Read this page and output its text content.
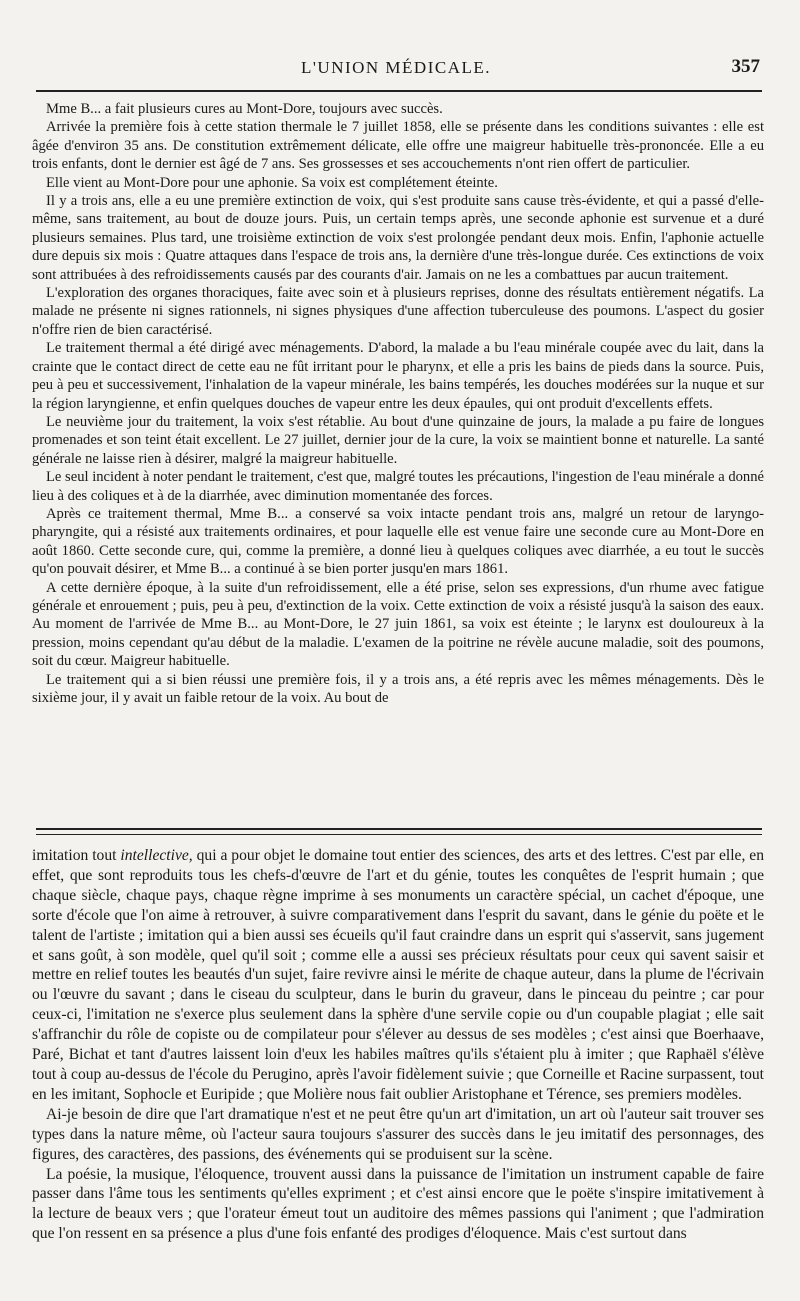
L'UNION MÉDICALE.	357

Mme B... a fait plusieurs cures au Mont-Dore, toujours avec succès.

Arrivée la première fois à cette station thermale le 7 juillet 1858, elle se présente dans les conditions suivantes : elle est âgée d'environ 35 ans. De constitution extrêmement délicate, elle offre une maigreur habituelle très-prononcée. Elle a eu trois enfants, dont le dernier est âgé de 7 ans. Ses grossesses et ses accouchements n'ont rien offert de particulier.

Elle vient au Mont-Dore pour une aphonie. Sa voix est complétement éteinte.

Il y a trois ans, elle a eu une première extinction de voix, qui s'est produite sans cause très-évidente, et qui a passé d'elle-même, sans traitement, au bout de douze jours. Puis, un certain temps après, une seconde aphonie est survenue et a duré plusieurs semaines. Plus tard, une troisième extinction de voix s'est prolongée pendant deux mois. Enfin, l'aphonie actuelle dure depuis six mois : Quatre attaques dans l'espace de trois ans, la dernière d'une très-longue durée. Ces extinctions de voix sont attribuées à des refroidissements causés par des courants d'air. Jamais on ne les a combattues par aucun traitement.

L'exploration des organes thoraciques, faite avec soin et à plusieurs reprises, donne des résultats entièrement négatifs. La malade ne présente ni signes rationnels, ni signes physiques d'une affection tuberculeuse des poumons. L'aspect du gosier n'offre rien de bien caractérisé.

Le traitement thermal a été dirigé avec ménagements. D'abord, la malade a bu l'eau minérale coupée avec du lait, dans la crainte que le contact direct de cette eau ne fût irritant pour le pharynx, et elle a pris les bains de pieds dans la source. Puis, peu à peu et successivement, l'inhalation de la vapeur minérale, les bains tempérés, les douches modérées sur la nuque et sur la région laryngienne, et enfin quelques douches de vapeur entre les deux épaules, qui ont produit d'excellents effets.

Le neuvième jour du traitement, la voix s'est rétablie. Au bout d'une quinzaine de jours, la malade a pu faire de longues promenades et son teint était excellent. Le 27 juillet, dernier jour de la cure, la voix se maintient bonne et naturelle. La santé générale ne laisse rien à désirer, malgré la maigreur habituelle.

Le seul incident à noter pendant le traitement, c'est que, malgré toutes les précautions, l'ingestion de l'eau minérale a donné lieu à des coliques et à de la diarrhée, avec diminution momentanée des forces.

Après ce traitement thermal, Mme B... a conservé sa voix intacte pendant trois ans, malgré un retour de laryngo-pharyngite, qui a résisté aux traitements ordinaires, et pour laquelle elle est venue faire une seconde cure au Mont-Dore en août 1860. Cette seconde cure, qui, comme la première, a donné lieu à quelques coliques avec diarrhée, a eu tout le succès qu'on pouvait désirer, et Mme B... a continué à se bien porter jusqu'en mars 1861.

A cette dernière époque, à la suite d'un refroidissement, elle a été prise, selon ses expressions, d'un rhume avec fatigue générale et enrouement ; puis, peu à peu, d'extinction de la voix. Cette extinction de voix a résisté jusqu'à la saison des eaux. Au moment de l'arrivée de Mme B... au Mont-Dore, le 27 juin 1861, sa voix est éteinte ; le larynx est douloureux à la pression, moins cependant qu'au début de la maladie. L'examen de la poitrine ne révèle aucune maladie, soit des poumons, soit du cœur. Maigreur habituelle.

Le traitement qui a si bien réussi une première fois, il y a trois ans, a été repris avec les mêmes ménagements. Dès le sixième jour, il y avait un faible retour de la voix. Au bout de

imitation tout intellective, qui a pour objet le domaine tout entier des sciences, des arts et des lettres. C'est par elle, en effet, que sont reproduits tous les chefs-d'œuvre de l'art et du génie, toutes les conquêtes de l'esprit humain ; que chaque siècle, chaque pays, chaque règne imprime à ses monuments un caractère spécial, un cachet d'époque, une sorte d'école que l'on aime à retrouver, à suivre comparativement dans l'esprit du savant, dans le génie du poëte et le talent de l'artiste ; imitation qui a bien aussi ses écueils qu'il faut craindre dans un esprit qui s'asservit, sans jugement et sans goût, à son modèle, quel qu'il soit ; comme elle a aussi ses précieux résultats pour ceux qui savent saisir et mettre en relief toutes les beautés d'un sujet, faire revivre ainsi le mérite de chaque auteur, dans la plume de l'écrivain ou l'œuvre du savant ; dans le ciseau du sculpteur, dans le burin du graveur, dans le pinceau du peintre ; car pour ceux-ci, l'imitation ne s'exerce plus seulement dans la sphère d'une servile copie ou d'un coupable plagiat ; elle sait s'affranchir du rôle de copiste ou de compilateur pour s'élever au dessus de ses modèles ; c'est ainsi que Boerhaave, Paré, Bichat et tant d'autres laissent loin d'eux les habiles maîtres qu'ils s'étaient plu à imiter ; que Raphaël s'élève tout à coup au-dessus de l'école du Perugino, après l'avoir fidèlement suivie ; que Corneille et Racine surpassent, tout en les imitant, Sophocle et Euripide ; que Molière nous fait oublier Aristophane et Térence, ses premiers modèles.

Ai-je besoin de dire que l'art dramatique n'est et ne peut être qu'un art d'imitation, un art où l'auteur sait trouver ses types dans la nature même, où l'acteur saura toujours s'assurer des succès dans le jeu imitatif des personnages, des figures, des caractères, des passions, des événements qui se produisent sur la scène.

La poésie, la musique, l'éloquence, trouvent aussi dans la puissance de l'imitation un instrument capable de faire passer dans l'âme tous les sentiments qu'elles expriment ; et c'est ainsi encore que le poëte s'inspire imitativement à la lecture de beaux vers ; que l'orateur émeut tout un auditoire des mêmes passions qui l'animent ; que l'admiration que l'on ressent en sa présence a plus d'une fois enfanté des prodiges d'éloquence. Mais c'est surtout dans
